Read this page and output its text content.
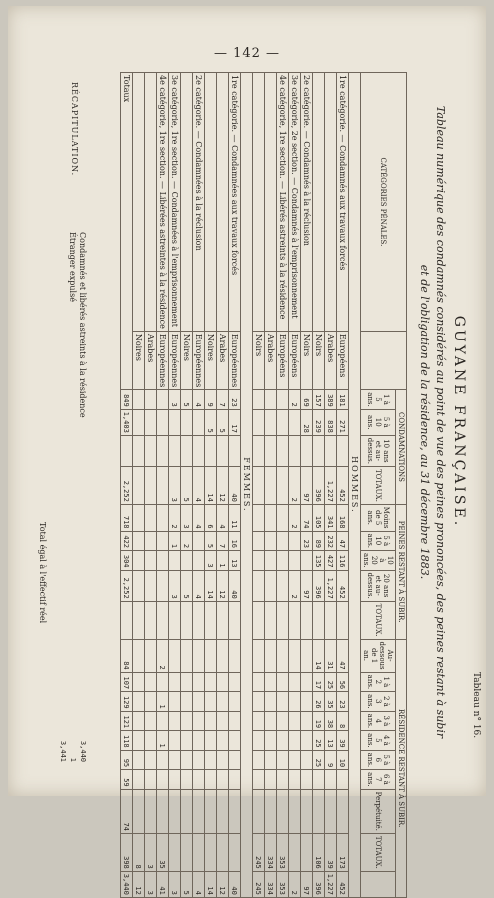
— 142 —
Tableau n° 16.
GUYANE FRANÇAISE.
Tableau numérique des condamnés considérés au point de vue des peines prononcées, des peines restant à subir
et de l'obligation de la résidence, au 31 décembre 1883.
CATÉGORIES PÉNALES.		CONDAMNATIONS				PEINES RESTANT À SUBIR.					RÉSIDENCE RESTANT À SUBIR.									
		1 à 5 ans.	5 à 10 ans.	10 ans et au-dessus.	TOTAUX.	Moins de 5 ans.	5 à 10 ans.	10 à 20 ans.	20 ans et au-dessus.	TOTAUX.	Au-dessous de 1 an.	1 à 2 ans.	2 à 3 ans.	3 à 4 ans.	4 à 5 ans.	5 à 6 ans.	6 à 7 ans.	Perpétuité.	TOTAUX.	
HOMMES.																				
1re catégorie. — Condamnés aux travaux forcés	Européens	181	271		452	168	47	116	452		47	56	23	8	39	10			173	452
	Arabes	389	838		1,227	341	232	427	1,227		31	25	35	38	13	9			39	1,227
	Noirs	157	239		396	105	89	135	396		14	17	26	19	25	25			106	396
2e catégorie. — Condamnés à la réclusion	Noirs	69	28		97	74	23		97											97
3e catégorie, 2e section. — Condamnés à l'emprisonnement	Européens	2			2	2			2											2
4e catégorie, 1re section. — Libérés astreints à la résidence	Européens																		353	353
	Arabes																		334	334
	Noirs																		245	245
FEMMES.																				
1re catégorie. — Condamnées aux travaux forcés	Européennes	23	17		40	11	16	13	40											40
	Arabes	7	5		12	4	7	1	12											12
	Noires	9	5		14	6	5	3	14											14
2e catégorie. — Condamnées à la réclusion	Européennes	4			4	4			4											4
	Noires	5			5	3	2		5											5
3e catégorie, 1re section. — Condamnées à l'emprisonnement	Européennes	3			3	2	1		3											3
4e catégorie, 1re section. — Libérées astreintes à la résidence	Européennes										2		1		1				35	41
	Arabes																		3	3
	Noires																		8	12
Totaux		849	1,403		2,252	718	422	304	2,252		84	107	129	121	118	95	59	74	398	3,440
RÉCAPITULATION.
Condamnés et libérés astreints à la résidence
Étranger expulsé
3,440
1
3,441
Total égal à l'effectif réel
